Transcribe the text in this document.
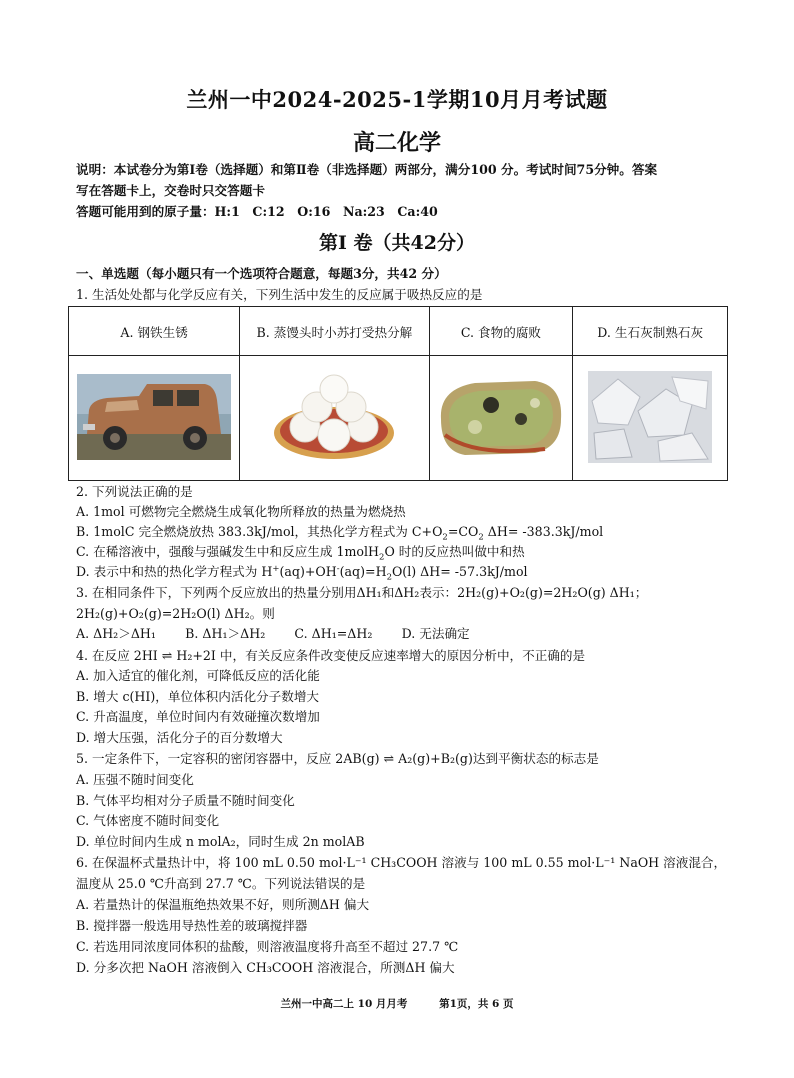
兰州一中2024-2025-1学期10月月考试题
高二化学
说明：本试卷分为第Ⅰ卷（选择题）和第Ⅱ卷（非选择题）两部分，满分100 分。考试时间75分钟。答案
写在答题卡上，交卷时只交答题卡
答题可能用到的原子量：H:1　C:12　O:16　Na:23　Ca:40
第Ⅰ 卷（共42分）
一、单选题（每小题只有一个选项符合题意，每题3分，共42 分）
1. 生活处处都与化学反应有关，下列生活中发生的反应属于吸热反应的是
A. 钢铁生锈	B. 蒸馒头时小苏打受热分解	C. 食物的腐败	D. 生石灰制熟石灰

2. 下列说法正确的是
A. 1mol 可燃物完全燃烧生成氧化物所释放的热量为燃烧热
B. 1molC 完全燃烧放热 383.3kJ/mol，其热化学方程式为 $C+O_2=CO_2$ ΔH= -383.3kJ/mol
C. 在稀溶液中，强酸与强碱发生中和反应生成 1molH$_2$O 时的反应热叫做中和热
D. 表示中和热的热化学方程式为 $H^+(aq)+OH^-(aq)=H_2O(l)$ ΔH= -57.3kJ/mol
3. 在相同条件下，下列两个反应放出的热量分别用ΔH₁和ΔH₂表示：2H₂(g)+O₂(g)=2H₂O(g) ΔH₁；
2H₂(g)+O₂(g)=2H₂O(l) ΔH₂。则
A. ΔH₂＞ΔH₁　　 B. ΔH₁＞ΔH₂　　 C. ΔH₁=ΔH₂　　 D. 无法确定
4. 在反应 2HI ⇌ H₂+2I 中，有关反应条件改变使反应速率增大的原因分析中，不正确的是
A. 加入适宜的催化剂，可降低反应的活化能
B. 增大 c(HI)，单位体积内活化分子数增大
C. 升高温度，单位时间内有效碰撞次数增加
D. 增大压强，活化分子的百分数增大
5. 一定条件下，一定容积的密闭容器中，反应 2AB(g) ⇌ A₂(g)+B₂(g)达到平衡状态的标志是
A. 压强不随时间变化
B. 气体平均相对分子质量不随时间变化
C. 气体密度不随时间变化
D. 单位时间内生成 n molA₂，同时生成 2n molAB
6. 在保温杯式量热计中，将 100 mL 0.50 mol·L⁻¹ CH₃COOH 溶液与 100 mL 0.55 mol·L⁻¹ NaOH 溶液混合，
温度从 25.0 ℃升高到 27.7 ℃。下列说法错误的是
A. 若量热计的保温瓶绝热效果不好，则所测ΔH 偏大
B. 搅拌器一般选用导热性差的玻璃搅拌器
C. 若选用同浓度同体积的盐酸，则溶液温度将升高至不超过 27.7 ℃
D. 分多次把 NaOH 溶液倒入 CH₃COOH 溶液混合，所测ΔH 偏大
兰州一中高二上 10 月月考	第1页，共 6 页
